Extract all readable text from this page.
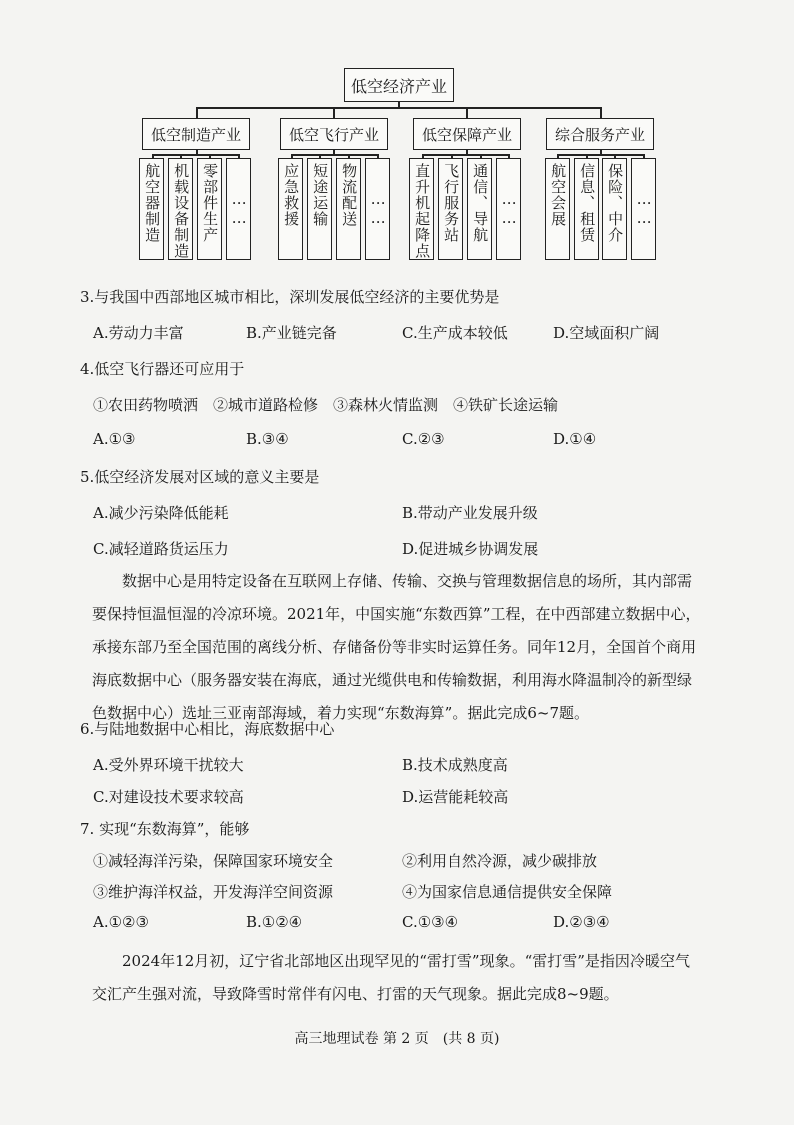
低空经济产业
低空制造产业
航空器制造 机载设备制造 零部件生产 ……
低空飞行产业
应急救援 短途运输 物流配送 ……
低空保障产业
直升机起降点 飞行服务站 通信、导航 ……
综合服务产业
航空会展 信息、租赁 保险、中介 ……
3.与我国中西部地区城市相比，深圳发展低空经济的主要优势是
A.劳动力丰富	B.产业链完备	C.生产成本较低	D.空域面积广阔
4.低空飞行器还可应用于
①农田药物喷洒　②城市道路检修　③森林火情监测　④铁矿长途运输
A.①③	B.③④	C.②③	D.①④
5.低空经济发展对区域的意义主要是
A.减少污染降低能耗	B.带动产业发展升级
C.减轻道路货运压力	D.促进城乡协调发展
数据中心是用特定设备在互联网上存储、传输、交换与管理数据信息的场所，其内部需要保持恒温恒湿的冷凉环境。2021年，中国实施“东数西算”工程，在中西部建立数据中心，承接东部乃至全国范围的离线分析、存储备份等非实时运算任务。同年12月，全国首个商用海底数据中心（服务器安装在海底，通过光缆供电和传输数据，利用海水降温制冷的新型绿色数据中心）选址三亚南部海域，着力实现“东数海算”。据此完成6~7题。
6.与陆地数据中心相比，海底数据中心
A.受外界环境干扰较大	B.技术成熟度高
C.对建设技术要求较高	D.运营能耗较高
7. 实现“东数海算”，能够
①减轻海洋污染，保障国家环境安全	②利用自然冷源，减少碳排放
③维护海洋权益，开发海洋空间资源	④为国家信息通信提供安全保障
A.①②③	B.①②④	C.①③④	D.②③④
2024年12月初，辽宁省北部地区出现罕见的“雷打雪”现象。“雷打雪”是指因冷暖空气交汇产生强对流，导致降雪时常伴有闪电、打雷的天气现象。据此完成8~9题。
高三地理试卷 第 2 页　(共 8 页)
